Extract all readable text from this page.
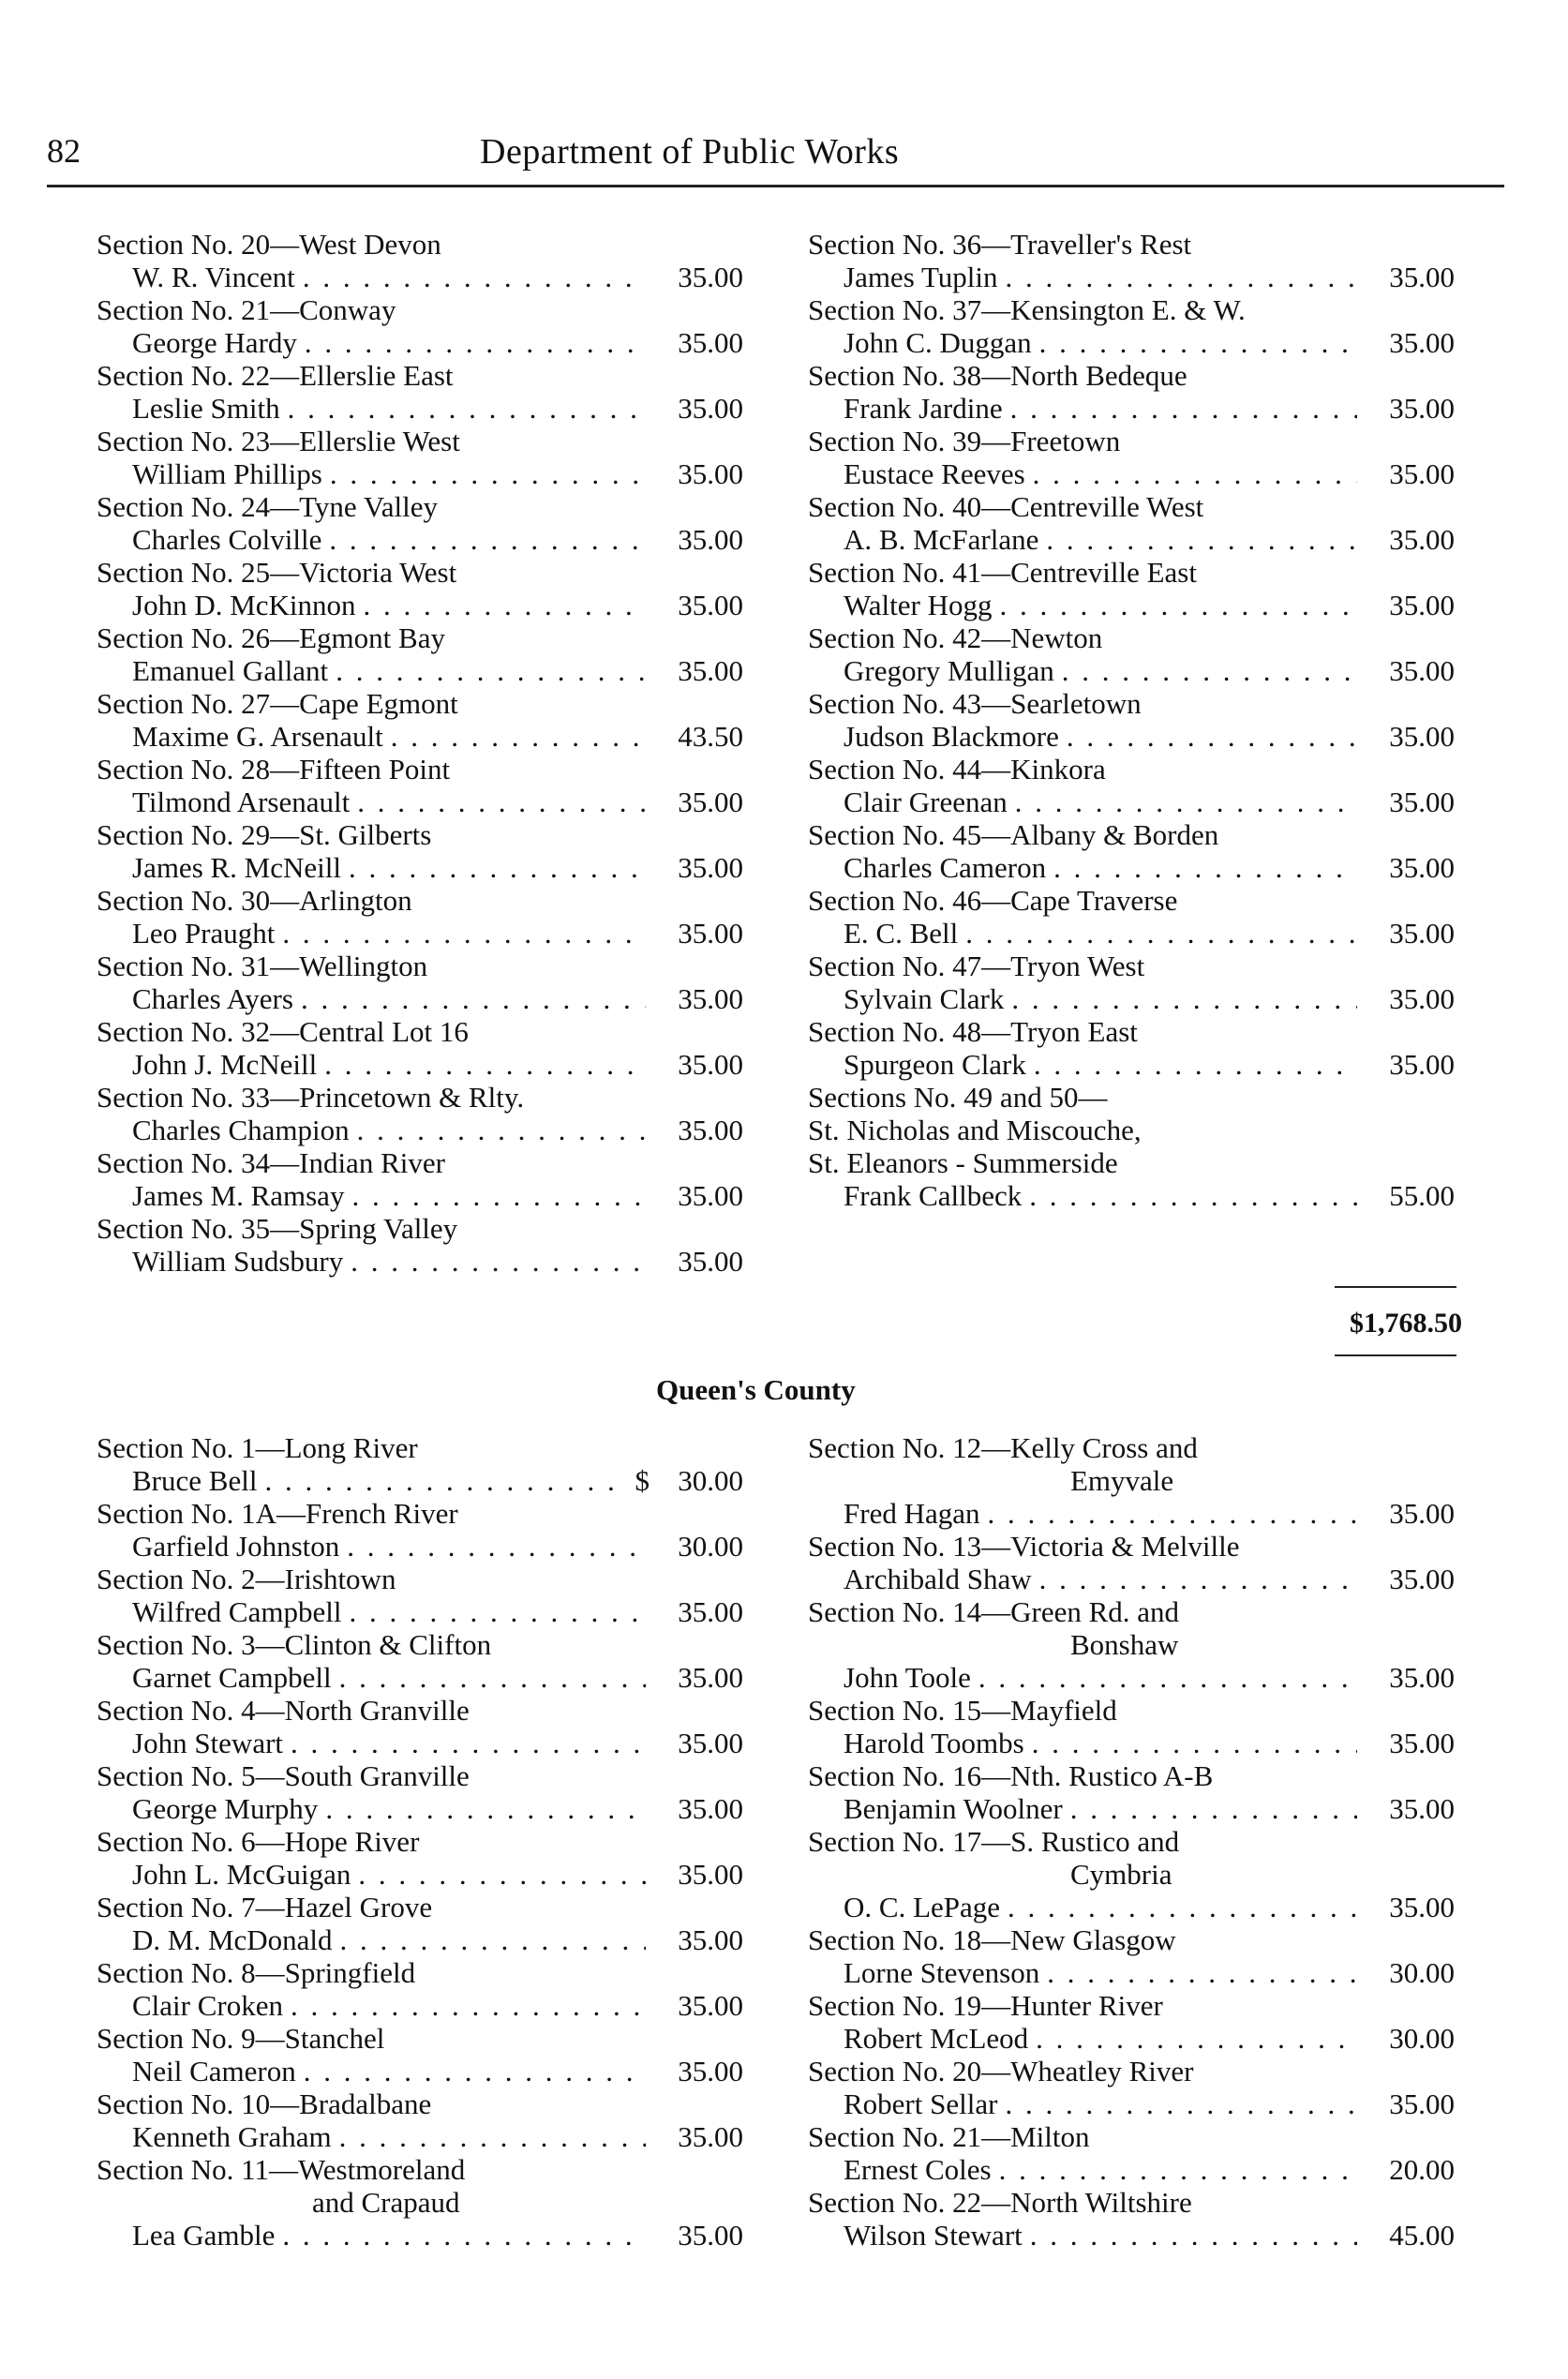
82	Department of Public Works
Section No. 20—West Devon
W. R. Vincent . . .	35.00
Section No. 21—Conway
George Hardy . . .	35.00
Section No. 22—Ellerslie East
Leslie Smith . . .	35.00
Section No. 23—Ellerslie West
William Phillips . . .	35.00
Section No. 24—Tyne Valley
Charles Colville . . .	35.00
Section No. 25—Victoria West
John D. McKinnon . . .	35.00
Section No. 26—Egmont Bay
Emanuel Gallant . . .	35.00
Section No. 27—Cape Egmont
Maxime G. Arsenault . . .	43.50
Section No. 28—Fifteen Point
Tilmond Arsenault . . .	35.00
Section No. 29—St. Gilberts
James R. McNeill . . .	35.00
Section No. 30—Arlington
Leo Praught . . .	35.00
Section No. 31—Wellington
Charles Ayers . . .	35.00
Section No. 32—Central Lot 16
John J. McNeill . . .	35.00
Section No. 33—Princetown & Rlty.
Charles Champion . . .	35.00
Section No. 34—Indian River
James M. Ramsay . . .	35.00
Section No. 35—Spring Valley
William Sudsbury . . .	35.00
Section No. 36—Traveller's Rest
James Tuplin . . .	35.00
Section No. 37—Kensington E. & W.
John C. Duggan . . .	35.00
Section No. 38—North Bedeque
Frank Jardine . . .	35.00
Section No. 39—Freetown
Eustace Reeves . . .	35.00
Section No. 40—Centreville West
A. B. McFarlane . . .	35.00
Section No. 41—Centreville East
Walter Hogg . . .	35.00
Section No. 42—Newton
Gregory Mulligan . . .	35.00
Section No. 43—Searletown
Judson Blackmore . . .	35.00
Section No. 44—Kinkora
Clair Greenan . . .	35.00
Section No. 45—Albany & Borden
Charles Cameron . . .	35.00
Section No. 46—Cape Traverse
E. C. Bell . . .	35.00
Section No. 47—Tryon West
Sylvain Clark . . .	35.00
Section No. 48—Tryon East
Spurgeon Clark . . .	35.00
Sections No. 49 and 50—
St. Nicholas and Miscouche,
St. Eleanors - Summerside
Frank Callbeck . . .	55.00
$1,768.50
Queen's County
Section No. 1—Long River
Bruce Bell . . .	$ 30.00
Section No. 1A—French River
Garfield Johnston . . .	30.00
Section No. 2—Irishtown
Wilfred Campbell . . .	35.00
Section No. 3—Clinton & Clifton
Garnet Campbell . . .	35.00
Section No. 4—North Granville
John Stewart . . .	35.00
Section No. 5—South Granville
George Murphy . . .	35.00
Section No. 6—Hope River
John L. McGuigan . . .	35.00
Section No. 7—Hazel Grove
D. M. McDonald . . .	35.00
Section No. 8—Springfield
Clair Croken . . .	35.00
Section No. 9—Stanchel
Neil Cameron . . .	35.00
Section No. 10—Bradalbane
Kenneth Graham . . .	35.00
Section No. 11—Westmoreland
and Crapaud
Lea Gamble . . .	35.00
Section No. 12—Kelly Cross and
Emyvale
Fred Hagan . . .	35.00
Section No. 13—Victoria & Melville
Archibald Shaw . . .	35.00
Section No. 14—Green Rd. and
Bonshaw
John Toole . . .	35.00
Section No. 15—Mayfield
Harold Toombs . . .	35.00
Section No. 16—Nth. Rustico A-B
Benjamin Woolner . . .	35.00
Section No. 17—S. Rustico and
Cymbria
O. C. LePage . . .	35.00
Section No. 18—New Glasgow
Lorne Stevenson . . .	30.00
Section No. 19—Hunter River
Robert McLeod . . .	30.00
Section No. 20—Wheatley River
Robert Sellar . . .	35.00
Section No. 21—Milton
Ernest Coles . . .	20.00
Section No. 22—North Wiltshire
Wilson Stewart . . .	45.00
